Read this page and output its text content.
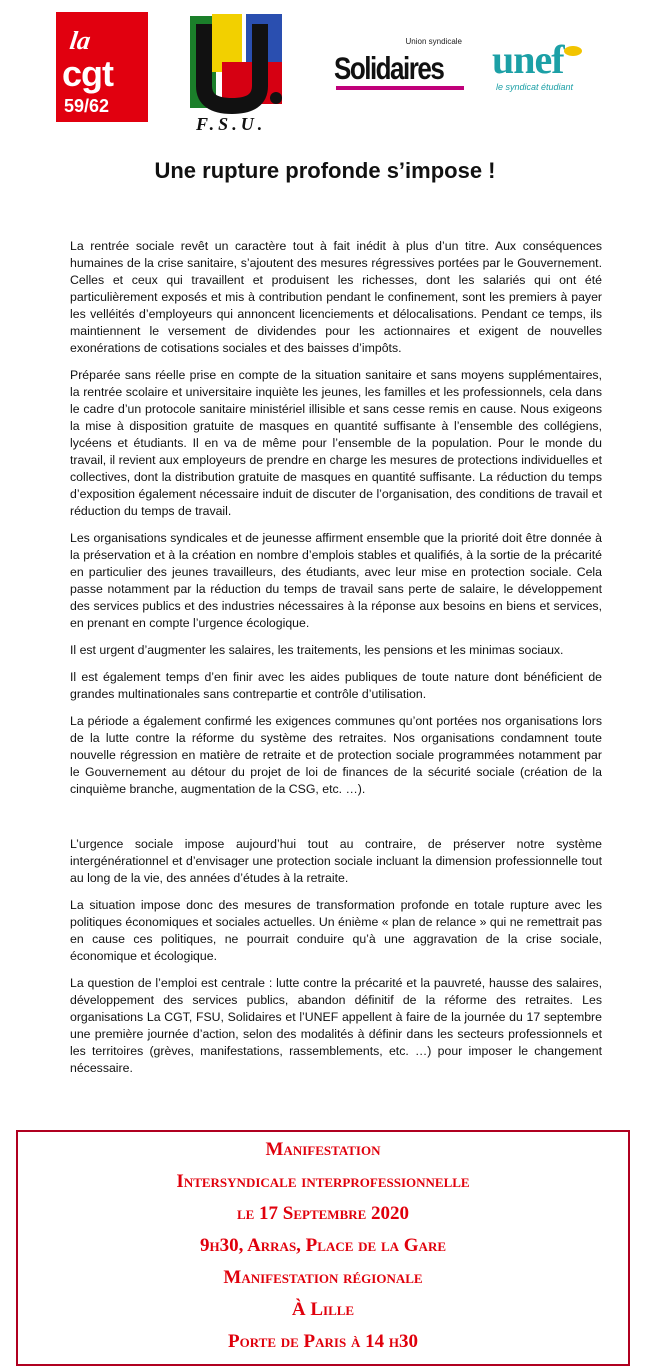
la
cgt
59/62
F.S.U.
Union syndicale
Solidaires unef
le syndicat étudiant
Une rupture profonde s’impose !

La rentrée sociale revêt un caractère tout à fait inédit à plus d’un titre. Aux conséquences humaines de la crise sanitaire, s’ajoutent des mesures régressives portées par le Gouvernement. Celles et ceux qui travaillent et produisent les richesses, dont les salariés qui ont été particulièrement exposés et mis à contribution pendant le confinement, sont les premiers à payer les velléités d’employeurs qui annoncent licenciements et délocalisations. Pendant ce temps, ils maintiennent le versement de dividendes pour les actionnaires et exigent de nouvelles exonérations de cotisations sociales et des baisses d’impôts.

Préparée sans réelle prise en compte de la situation sanitaire et sans moyens supplémentaires, la rentrée scolaire et universitaire inquiète les jeunes, les familles et les professionnels, cela dans le cadre d’un protocole sanitaire ministériel illisible et sans cesse remis en cause. Nous exigeons la mise à disposition gratuite de masques en quantité suffisante à l’ensemble des collégiens, lycéens et étudiants. Il en va de même pour l’ensemble de la population. Pour le monde du travail, il revient aux employeurs de prendre en charge les mesures de protections individuelles et collectives, dont la distribution gratuite de masques en quantité suffisante. La réduction du temps d’exposition également nécessaire induit de discuter de l’organisation, des conditions de travail et réduction du temps de travail.

Les organisations syndicales et de jeunesse affirment ensemble que la priorité doit être donnée à la préservation et à la création en nombre d’emplois stables et qualifiés, à la sortie de la précarité en particulier des jeunes travailleurs, des étudiants, avec leur mise en protection sociale. Cela passe notamment par la réduction du temps de travail sans perte de salaire, le développement des services publics et des industries nécessaires à la réponse aux besoins en biens et services, en prenant en compte l’urgence écologique.

Il est urgent d’augmenter les salaires, les traitements, les pensions et les minimas sociaux.

Il est également temps d’en finir avec les aides publiques de toute nature dont bénéficient de grandes multinationales sans contrepartie et contrôle d’utilisation.

La période a également confirmé les exigences communes qu’ont portées nos organisations lors de la lutte contre la réforme du système des retraites. Nos organisations condamnent toute nouvelle régression en matière de retraite et de protection sociale programmées notamment par le Gouvernement au détour du projet de loi de finances de la sécurité sociale (création de la cinquième branche, augmentation de la CSG, etc. …).

L’urgence sociale impose aujourd’hui tout au contraire, de préserver notre système intergénérationnel et d’envisager une protection sociale incluant la dimension professionnelle tout au long de la vie, des années d’études à la retraite.

La situation impose donc des mesures de transformation profonde en totale rupture avec les politiques économiques et sociales actuelles. Un énième « plan de relance » qui ne remettrait pas en cause ces politiques, ne pourrait conduire qu’à une aggravation de la crise sociale, économique et écologique.

La question de l’emploi est centrale : lutte contre la précarité et la pauvreté, hausse des salaires, développement des services publics, abandon définitif de la réforme des retraites. Les organisations La CGT, FSU, Solidaires et l’UNEF appellent à faire de la journée du 17 septembre une première journée d’action, selon des modalités à définir dans les secteurs professionnels et les territoires (grèves, manifestations, rassemblements, etc. …) pour imposer le changement nécessaire.

Manifestation

Intersyndicale interprofessionnelle

le 17 Septembre 2020

9h30, Arras, Place de la Gare

Manifestation régionale

À Lille

Porte de Paris à 14 h30
